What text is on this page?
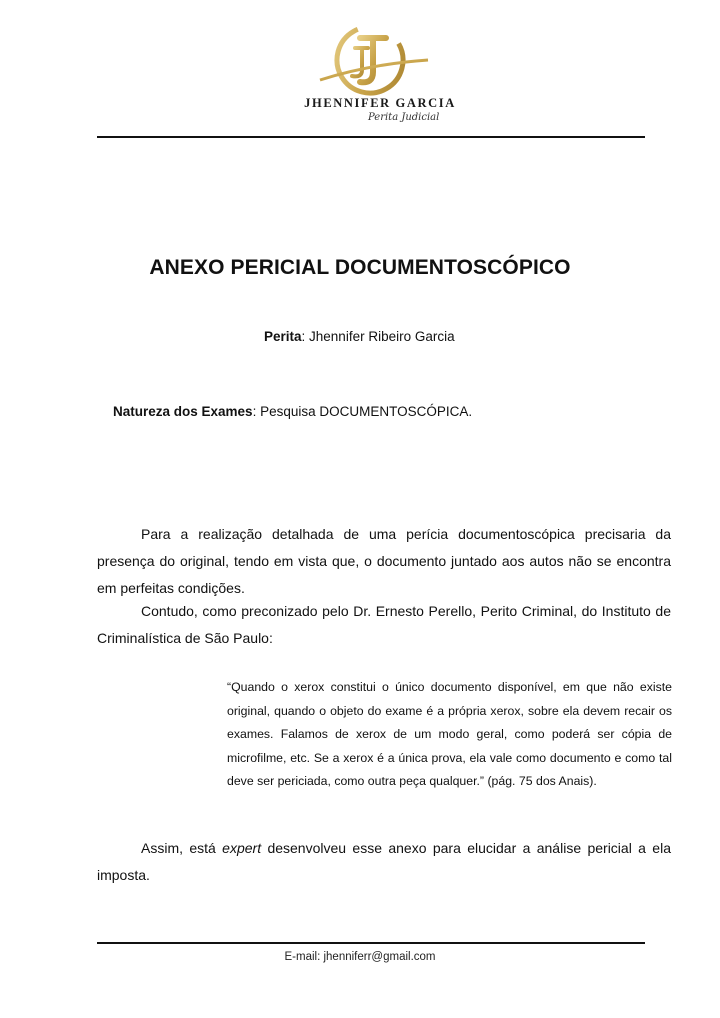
JHENNIFER GARCIA
Perita Judicial
ANEXO PERICIAL DOCUMENTOSCÓPICO
Perita: Jhennifer Ribeiro Garcia
Natureza dos Exames: Pesquisa DOCUMENTOSCÓPICA.

Para a realização detalhada de uma perícia documentoscópica precisaria da presença do original, tendo em vista que, o documento juntado aos autos não se encontra em perfeitas condições.

Contudo, como preconizado pelo Dr. Ernesto Perello, Perito Criminal, do Instituto de Criminalística de São Paulo:

“Quando o xerox constitui o único documento disponível, em que não existe original, quando o objeto do exame é a própria xerox, sobre ela devem recair os exames. Falamos de xerox de um modo geral, como poderá ser cópia de microfilme, etc. Se a xerox é a única prova, ela vale como documento e como tal deve ser periciada, como outra peça qualquer.” (pág. 75 dos Anais).

Assim, está expert desenvolveu esse anexo para elucidar a análise pericial a ela imposta.

E-mail: jhenniferr@gmail.com
